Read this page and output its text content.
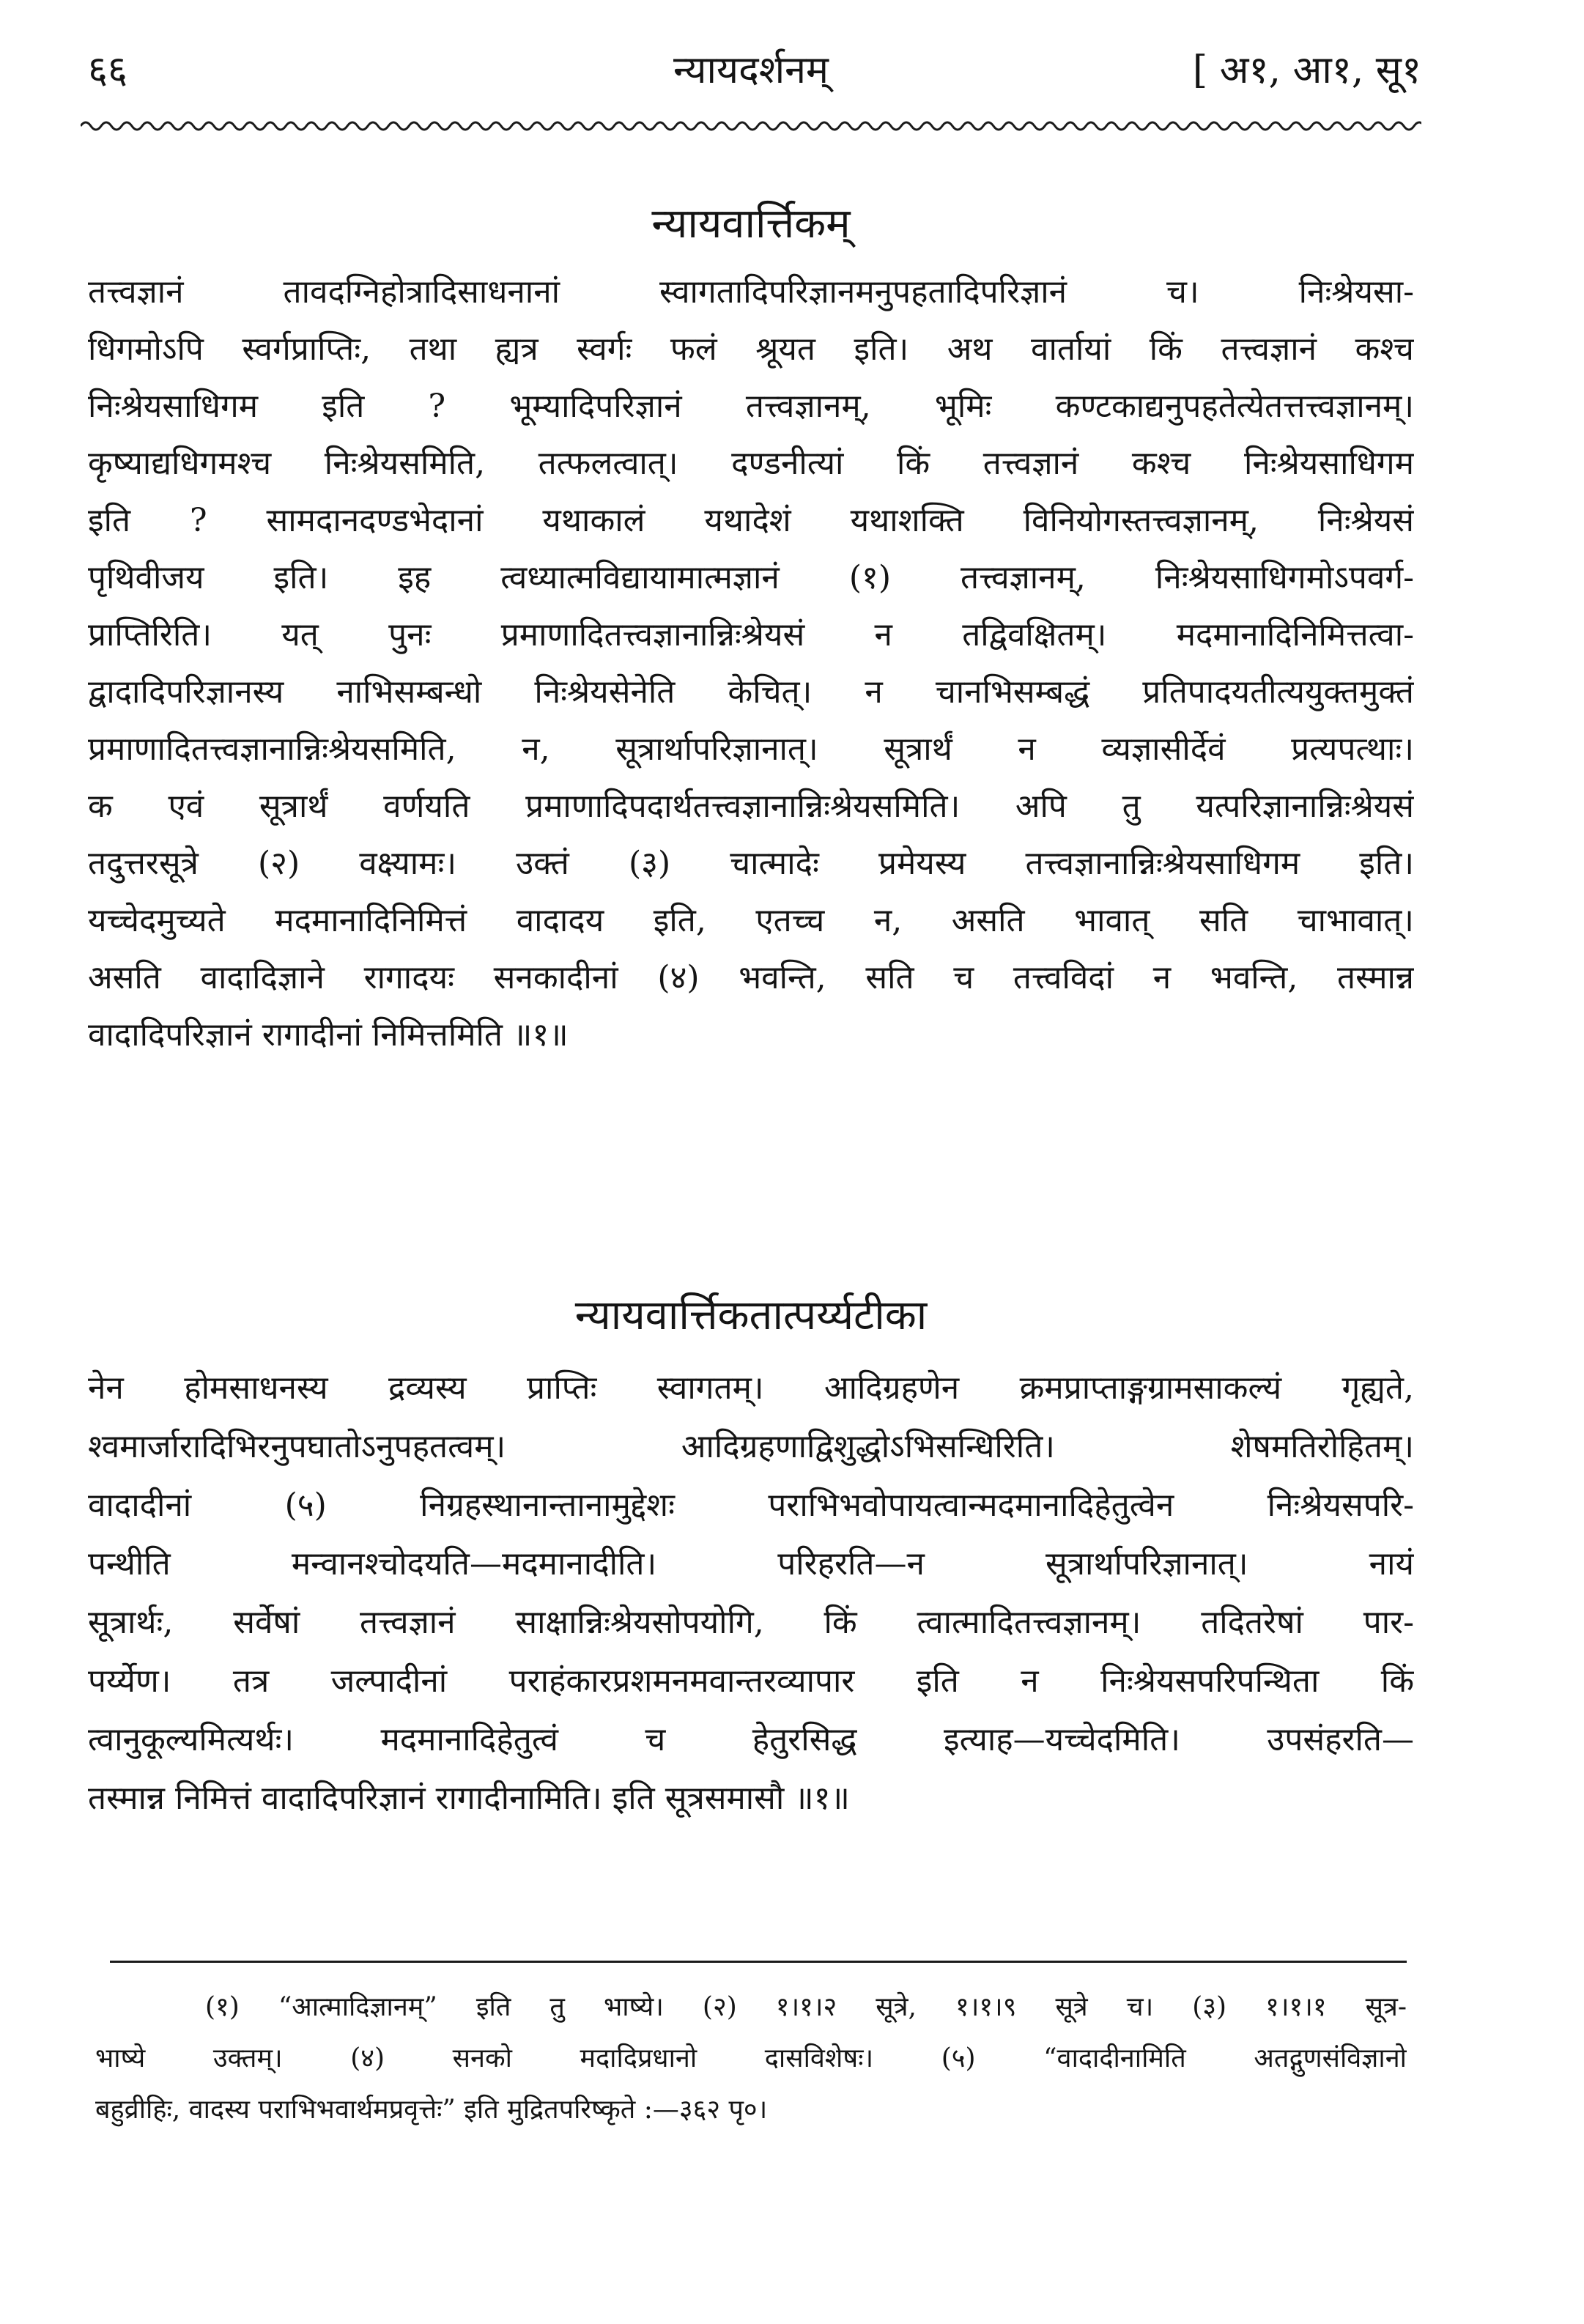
६६	न्यायदर्शनम्	[ अ१, आ१, सू१
न्यायवार्त्तिकम्
तत्त्वज्ञानं तावदग्निहोत्रादिसाधनानां स्वागतादिपरिज्ञानमनुपहतादिपरिज्ञानं च। निःश्रेयसा-
धिगमोऽपि स्वर्गप्राप्तिः, तथा ह्यत्र स्वर्गः फलं श्रूयत इति। अथ वार्तायां किं तत्त्वज्ञानं कश्च
निःश्रेयसाधिगम इति ? भूम्यादिपरिज्ञानं तत्त्वज्ञानम्, भूमिः कण्टकाद्यनुपहतेत्येतत्तत्त्वज्ञानम्।
कृष्याद्यधिगमश्च निःश्रेयसमिति, तत्फलत्वात्। दण्डनीत्यां किं तत्त्वज्ञानं कश्च निःश्रेयसाधिगम
इति ? सामदानदण्डभेदानां यथाकालं यथादेशं यथाशक्ति विनियोगस्तत्त्वज्ञानम्, निःश्रेयसं
पृथिवीजय इति। इह त्वध्यात्मविद्यायामात्मज्ञानं (१) तत्त्वज्ञानम्, निःश्रेयसाधिगमोऽपवर्ग-
प्राप्तिरिति। यत् पुनः प्रमाणादितत्त्वज्ञानान्निःश्रेयसं न तद्विवक्षितम्। मदमानादिनिमित्तत्वा-
द्वादादिपरिज्ञानस्य नाभिसम्बन्धो निःश्रेयसेनेति केचित्। न चानभिसम्बद्धं प्रतिपादयतीत्ययुक्तमुक्तं
प्रमाणादितत्त्वज्ञानान्निःश्रेयसमिति, न, सूत्रार्थापरिज्ञानात्। सूत्रार्थं न व्यज्ञासीर्देवं प्रत्यपत्थाः।
क एवं सूत्रार्थं वर्णयति प्रमाणादिपदार्थतत्त्वज्ञानान्निःश्रेयसमिति। अपि तु यत्परिज्ञानान्निःश्रेयसं
तदुत्तरसूत्रे (२) वक्ष्यामः। उक्तं (३) चात्मादेः प्रमेयस्य तत्त्वज्ञानान्निःश्रेयसाधिगम इति।
यच्चेदमुच्यते मदमानादिनिमित्तं वादादय इति, एतच्च न, असति भावात् सति चाभावात्।
असति वादादिज्ञाने रागादयः सनकादीनां (४) भवन्ति, सति च तत्त्वविदां न भवन्ति, तस्मान्न
वादादिपरिज्ञानं रागादीनां निमित्तमिति ॥१॥
न्यायवार्त्तिकतात्पर्य्यटीका
नेन होमसाधनस्य द्रव्यस्य प्राप्तिः स्वागतम्। आदिग्रहणेन क्रमप्राप्ताङ्गग्रामसाकल्यं गृह्यते,
श्वमार्जारादिभिरनुपघातोऽनुपहतत्वम्। आदिग्रहणाद्विशुद्धोऽभिसन्धिरिति। शेषमतिरोहितम्।
वादादीनां (५) निग्रहस्थानान्तानामुद्देशः पराभिभवोपायत्वान्मदमानादिहेतुत्वेन निःश्रेयसपरि-
पन्थीति मन्वानश्चोदयति—मदमानादीति। परिहरति—न सूत्रार्थापरिज्ञानात्। नायं
सूत्रार्थः, सर्वेषां तत्त्वज्ञानं साक्षान्निःश्रेयसोपयोगि, किं त्वात्मादितत्त्वज्ञानम्। तदितरेषां पार-
पर्य्येण। तत्र जल्पादीनां पराहंकारप्रशमनमवान्तरव्यापार इति न निःश्रेयसपरिपन्थिता किं
त्वानुकूल्यमित्यर्थः। मदमानादिहेतुत्वं च हेतुरसिद्ध इत्याह—यच्चेदमिति। उपसंहरति—
तस्मान्न निमित्तं वादादिपरिज्ञानं रागादीनामिति। इति सूत्रसमासौ ॥१॥
(१) “आत्मादिज्ञानम्” इति तु भाष्ये। (२) १।१।२ सूत्रे, १।१।९ सूत्रे च। (३) १।१।१ सूत्र-
भाष्ये उक्तम्। (४) सनको मदादिप्रधानो दासविशेषः। (५) “वादादीनामिति अतद्गुणसंविज्ञानो
बहुव्रीहिः, वादस्य पराभिभवार्थमप्रवृत्तेः” इति मुद्रितपरिष्कृते :—३६२ पृ०।
